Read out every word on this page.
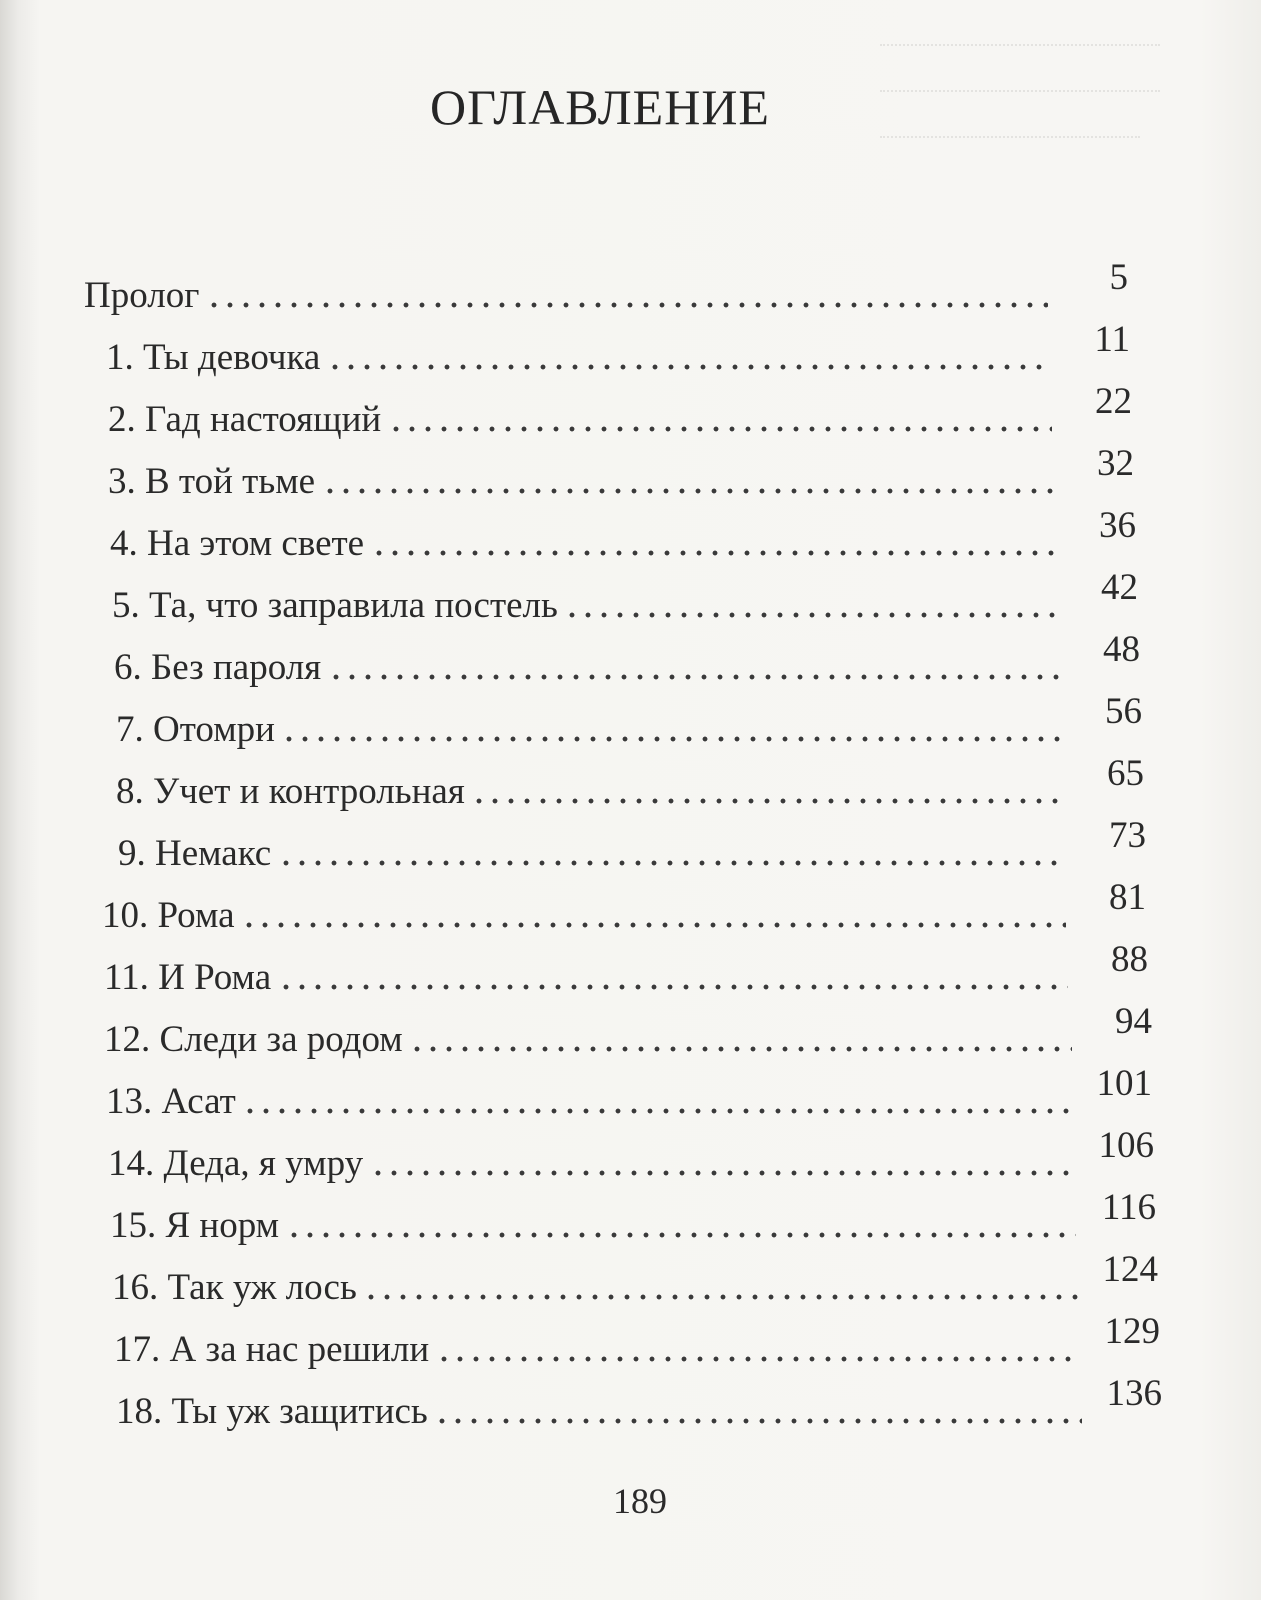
ОГЛАВЛЕНИЕ
Пролог	5
1. Ты девочка	11
2. Гад настоящий	22
3. В той тьме	32
4. На этом свете	36
5. Та, что заправила постель	42
6. Без пароля	48
7. Отомри	56
8. Учет и контрольная	65
9. Немакс	73
10. Рома	81
11. И Рома	88
12. Следи за родом	94
13. Асат	101
14. Деда, я умру	106
15. Я норм	116
16. Так уж лось	124
17. А за нас решили	129
18. Ты уж защитись	136
189
